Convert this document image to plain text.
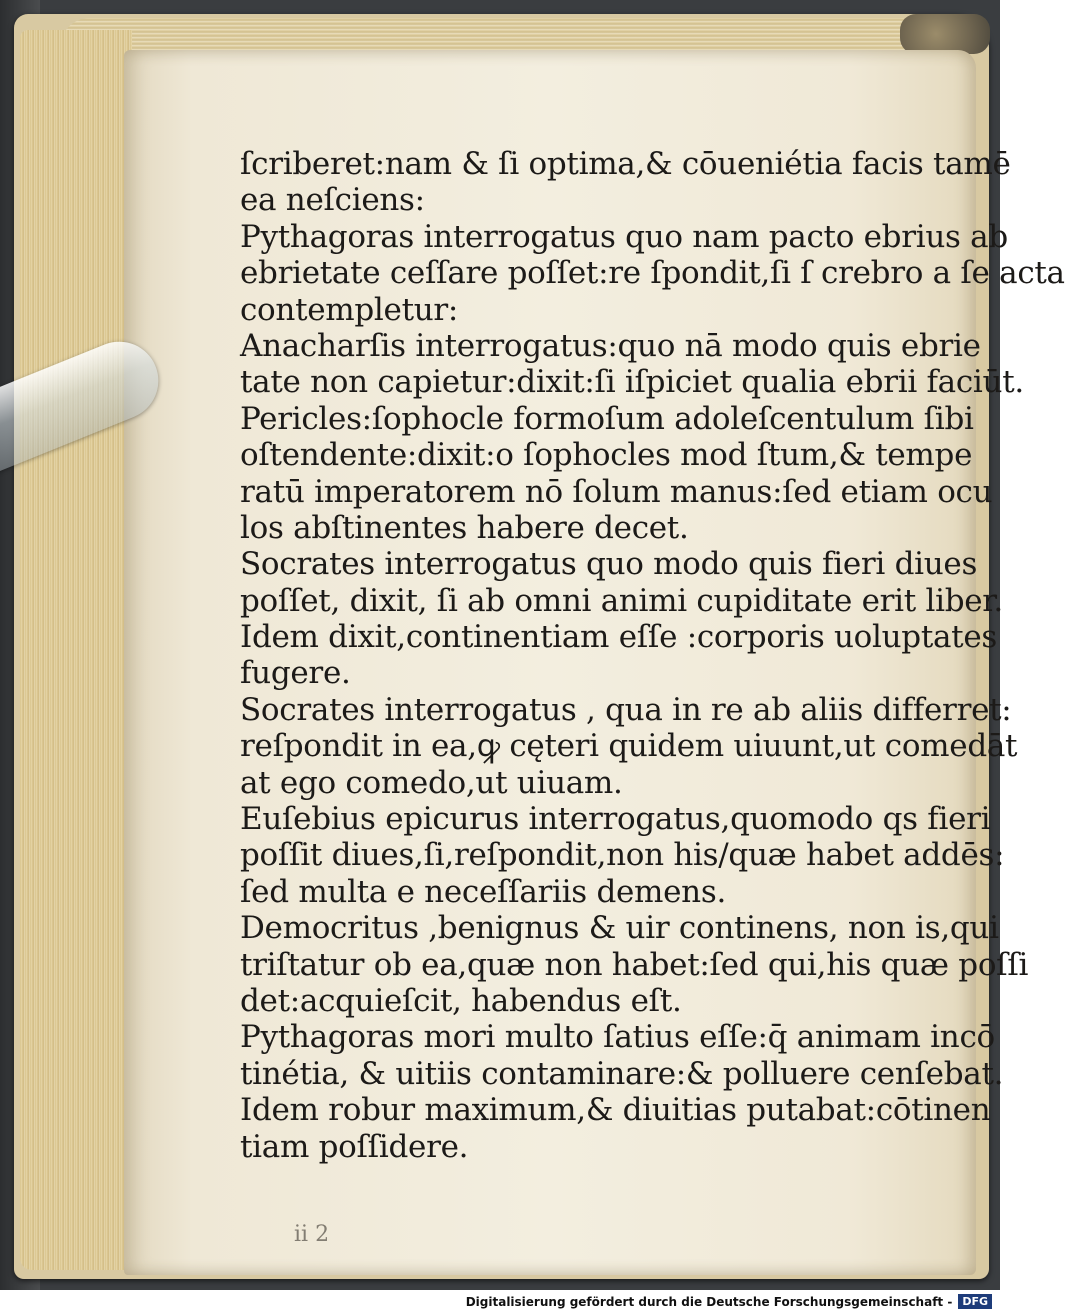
ſcriberet:nam & ſi optima,& cōueniétia facis tamē
ea neſciens:
Pythagoras interrogatus quo nam pacto ebrius ab
ebrietate ceſſare poſſet:re ſpondit,ſi ſ crebro a ſe acta
contempletur:
Anacharſis interrogatus:quo nā modo quis ebrie
tate non capietur:dixit:ſi iſpiciet qualia ebrii faciūt.
Pericles:ſophocle formoſum adoleſcentulum ſibi
oſtendente:dixit:o ſophocles mod ſtum,& tempe
ratū imperatorem nō ſolum manus:ſed etiam ocu
los abſtinentes habere decet.
Socrates interrogatus quo modo quis fieri diues
poſſet, dixit, ſi ab omni animi cupiditate erit liber.
Idem dixit,continentiam eſſe :corporis uoluptates
fugere.
Socrates interrogatus , qua in re ab aliis differret:
reſpondit in ea,ꝙ cęteri quidem uiuunt,ut comedāt
at ego comedo,ut uiuam.
Euſebius epicurus interrogatus,quomodo qs fieri
poſſit diues,ſi,reſpondit,non his/quæ habet addēs:
ſed multa e neceſſariis demens.
Democritus ,benignus & uir continens, non is,qui
triſtatur ob ea,quæ non habet:ſed qui,his quæ poſſi
det:acquieſcit, habendus eſt.
Pythagoras mori multo ſatius eſſe:q̄ animam incō
tinétia, & uitiis contaminare:& polluere cenſebat.
Idem robur maximum,& diuitias putabat:cōtinen
tiam poſſidere.
ii 2
Digitalisierung gefördert durch die Deutsche Forschungsgemeinschaft - DFG
